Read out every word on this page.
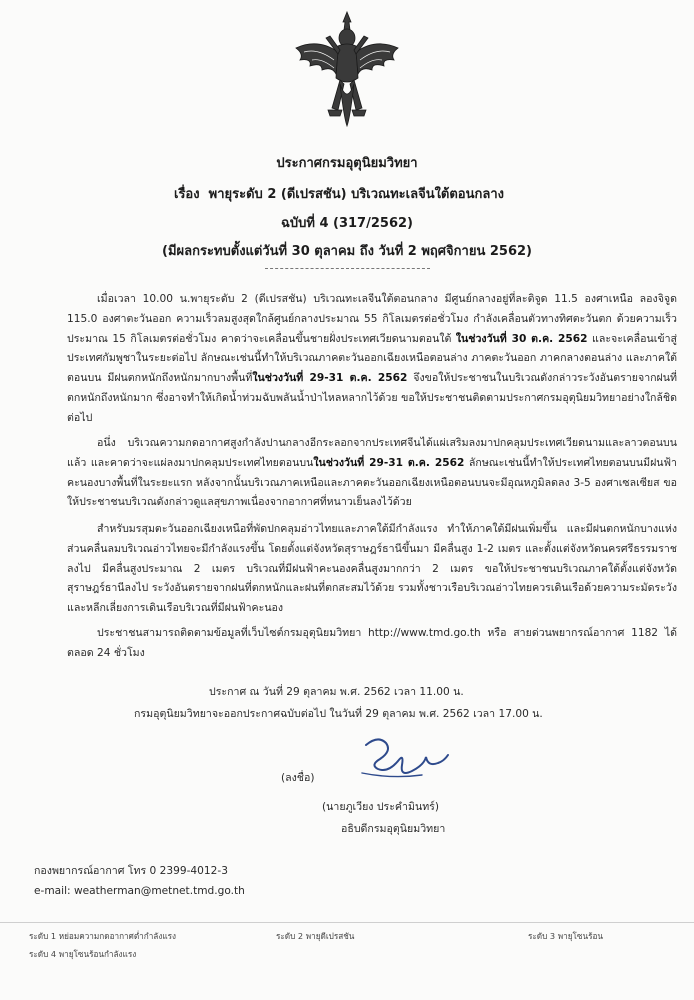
ประกาศกรมอุตุนิยมวิทยา
เรื่อง พายุระดับ 2 (ดีเปรสชัน) บริเวณทะเลจีนใต้ตอนกลาง
ฉบับที่ 4 (317/2562)
(มีผลกระทบตั้งแต่วันที่ 30 ตุลาคม ถึง วันที่ 2 พฤศจิกายน 2562)

เมื่อเวลา 10.00 น.พายุระดับ 2 (ดีเปรสชัน) บริเวณทะเลจีนใต้ตอนกลาง มีศูนย์กลางอยู่ที่ละติจูด 11.5 องศาเหนือ ลองจิจูด 115.0 องศาตะวันออก ความเร็วลมสูงสุดใกล้ศูนย์กลางประมาณ 55 กิโลเมตรต่อชั่วโมง กำลังเคลื่อนตัวทางทิศตะวันตก ด้วยความเร็วประมาณ 15 กิโลเมตรต่อชั่วโมง คาดว่าจะเคลื่อนขึ้นชายฝั่งประเทศเวียดนามตอนใต้ ในช่วงวันที่ 30 ต.ค. 2562 และจะเคลื่อนเข้าสู่ประเทศกัมพูชาในระยะต่อไป ลักษณะเช่นนี้ทำให้บริเวณภาคตะวันออกเฉียงเหนือตอนล่าง ภาคตะวันออก ภาคกลางตอนล่าง และภาคใต้ตอนบน มีฝนตกหนักถึงหนักมากบางพื้นที่ในช่วงวันที่ 29-31 ต.ค. 2562 จึงขอให้ประชาชนในบริเวณดังกล่าวระวังอันตรายจากฝนที่ตกหนักถึงหนักมาก ซึ่งอาจทำให้เกิดน้ำท่วมฉับพลันน้ำป่าไหลหลากไว้ด้วย ขอให้ประชาชนติดตามประกาศกรมอุตุนิยมวิทยาอย่างใกล้ชิดต่อไป

อนึ่ง บริเวณความกดอากาศสูงกำลังปานกลางอีกระลอกจากประเทศจีนได้แผ่เสริมลงมาปกคลุมประเทศเวียดนามและลาวตอนบนแล้ว และคาดว่าจะแผ่ลงมาปกคลุมประเทศไทยตอนบนในช่วงวันที่ 29-31 ต.ค. 2562 ลักษณะเช่นนี้ทำให้ประเทศไทยตอนบนมีฝนฟ้าคะนองบางพื้นที่ในระยะแรก หลังจากนั้นบริเวณภาคเหนือและภาคตะวันออกเฉียงเหนือตอนบนจะมีอุณหภูมิลดลง 3-5 องศาเซลเซียส ขอให้ประชาชนบริเวณดังกล่าวดูแลสุขภาพเนื่องจากอากาศที่หนาวเย็นลงไว้ด้วย

สำหรับมรสุมตะวันออกเฉียงเหนือที่พัดปกคลุมอ่าวไทยและภาคใต้มีกำลังแรง ทำให้ภาคใต้มีฝนเพิ่มขึ้น และมีฝนตกหนักบางแห่ง ส่วนคลื่นลมบริเวณอ่าวไทยจะมีกำลังแรงขึ้น โดยตั้งแต่จังหวัดสุราษฎร์ธานีขึ้นมา มีคลื่นสูง 1-2 เมตร และตั้งแต่จังหวัดนครศรีธรรมราชลงไป มีคลื่นสูงประมาณ 2 เมตร บริเวณที่มีฝนฟ้าคะนองคลื่นสูงมากกว่า 2 เมตร ขอให้ประชาชนบริเวณภาคใต้ตั้งแต่จังหวัดสุราษฎร์ธานีลงไป ระวังอันตรายจากฝนที่ตกหนักและฝนที่ตกสะสมไว้ด้วย รวมทั้งชาวเรือบริเวณอ่าวไทยควรเดินเรือด้วยความระมัดระวัง และหลีกเลี่ยงการเดินเรือบริเวณที่มีฝนฟ้าคะนอง

ประชาชนสามารถติดตามข้อมูลที่เว็บไซต์กรมอุตุนิยมวิทยา http://www.tmd.go.th หรือ สายด่วนพยากรณ์อากาศ 1182 ได้ตลอด 24 ชั่วโมง

ประกาศ ณ วันที่ 29 ตุลาคม พ.ศ. 2562 เวลา 11.00 น.
กรมอุตุนิยมวิทยาจะออกประกาศฉบับต่อไป ในวันที่ 29 ตุลาคม พ.ศ. 2562 เวลา 17.00 น.
(ลงชื่อ)
(นายภูเวียง ประคำมินทร์)
อธิบดีกรมอุตุนิยมวิทยา
กองพยากรณ์อากาศ โทร 0 2399-4012-3
e-mail: weatherman@metnet.tmd.go.th
ระดับ 1 หย่อมความกดอากาศต่ำกำลังแรง	ระดับ 2 พายุดีเปรสชัน	ระดับ 3 พายุโซนร้อน
ระดับ 4 พายุโซนร้อนกำลังแรง
